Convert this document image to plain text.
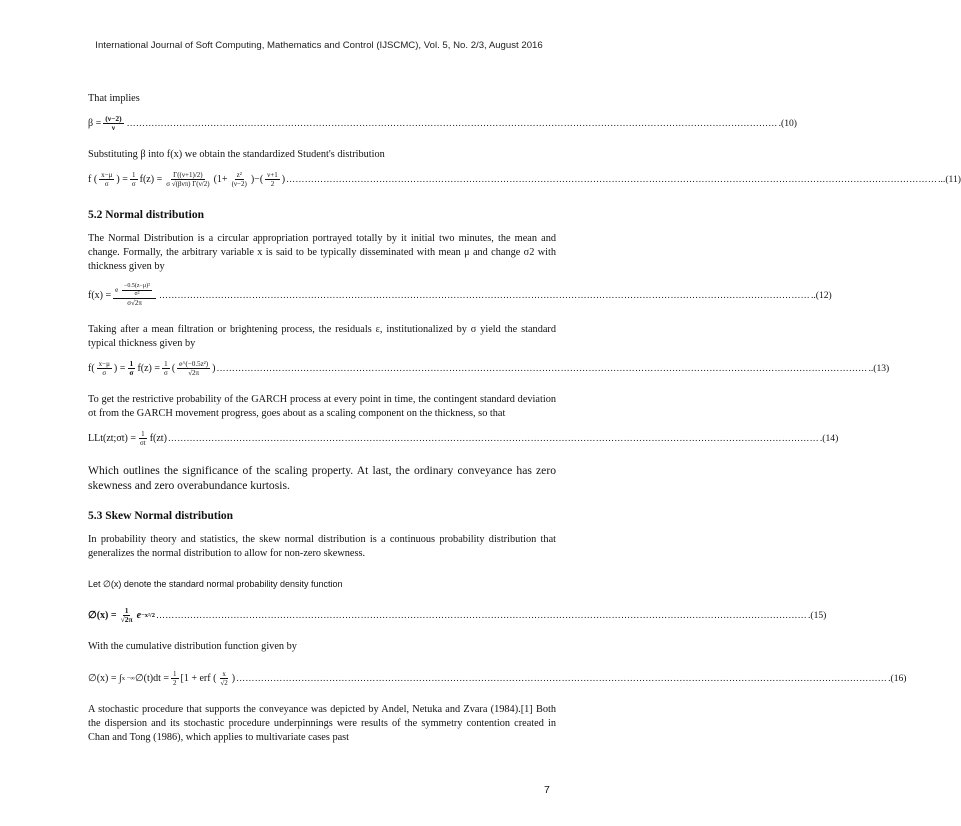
International Journal of Soft Computing, Mathematics and Control (IJSCMC), Vol. 5, No. 2/3, August 2016

That implies

$\beta = \frac{(\nu-2)}{\nu}$ ………………………………………………………………………………………………………………………………………………………………………………………… .(10)

Substituting β into f(x) we obtain the standardized Student's distribution

f ( $\frac{x-\mu}{\sigma}$ ) = $\frac{1}{\sigma} f(z) = \frac{\Gamma((\nu+1)/2)}{\text{σ √(βνπ) Γ(ν/2)}} (1+ \frac{\text{z²}}{(\nu-2)}$ )−( $\frac{\nu+1}{2}$ ) ………………………………………………………………………………………………………………………………………………………………………………………… ...(11)
5.2 Normal distribution

The Normal Distribution is a circular appropriation portrayed totally by it initial two minutes, the mean and change. Formally, the arbitrary variable x is said to be typically disseminated with mean μ and change σ2 with thickness given by

$f(x) = \frac{e \frac{\text{−0.5(z−μ)²}}{\text{σ²}}}{\sigma√2\pi}$ ………………………………………………………………………………………………………………………………………………………………………………………… ..(12)

Taking after a mean filtration or brightening process, the residuals ε, institutionalized by σ yield the standard typical thickness given by

$f( \frac{x-\mu}{\sigma}$ ) = $\frac{1}{\sigma} f(z) = \frac{1}{\sigma}$ ( $\frac{\text{e\textasciicircum{}(−0.5z²)}}{√2\pi}$ ) ………………………………………………………………………………………………………………………………………………………………………………………… ..(13)

To get the restrictive probability of the GARCH process at every point in time, the contingent standard deviation σt from the GARCH movement progress, goes about as a scaling component on the thickness, so that

LLt(zt;σt) = $\frac{1}{\sigma t} f(zt)$ ………………………………………………………………………………………………………………………………………………………………………………………… .(14)

Which outlines the significance of the scaling property. At last, the ordinary conveyance has zero skewness and zero overabundance kurtosis.

5.3 Skew Normal distribution

In probability theory and statistics, the skew normal distribution is a continuous probability distribution that generalizes the normal distribution to allow for non-zero skewness.

Let ∅(x) denote the standard normal probability density function

∅(x) = $\frac{1}{√2\pi}$ e −x²/2 ………………………………………………………………………………………………………………………………………………………………………………………… .(15)

With the cumulative distribution function given by

∅(x) = ∫ x −∞ ∅(t)dt = $\frac{1}{2} [1$ + erf ( $\frac{x}{√2}$ ) ………………………………………………………………………………………………………………………………………………………………………………………… .(16)

A stochastic procedure that supports the conveyance was depicted by Andel, Netuka and Zvara (1984).[1] Both the dispersion and its stochastic procedure underpinnings were results of the symmetry contention created in Chan and Tong (1986), which applies to multivariate cases past

7
